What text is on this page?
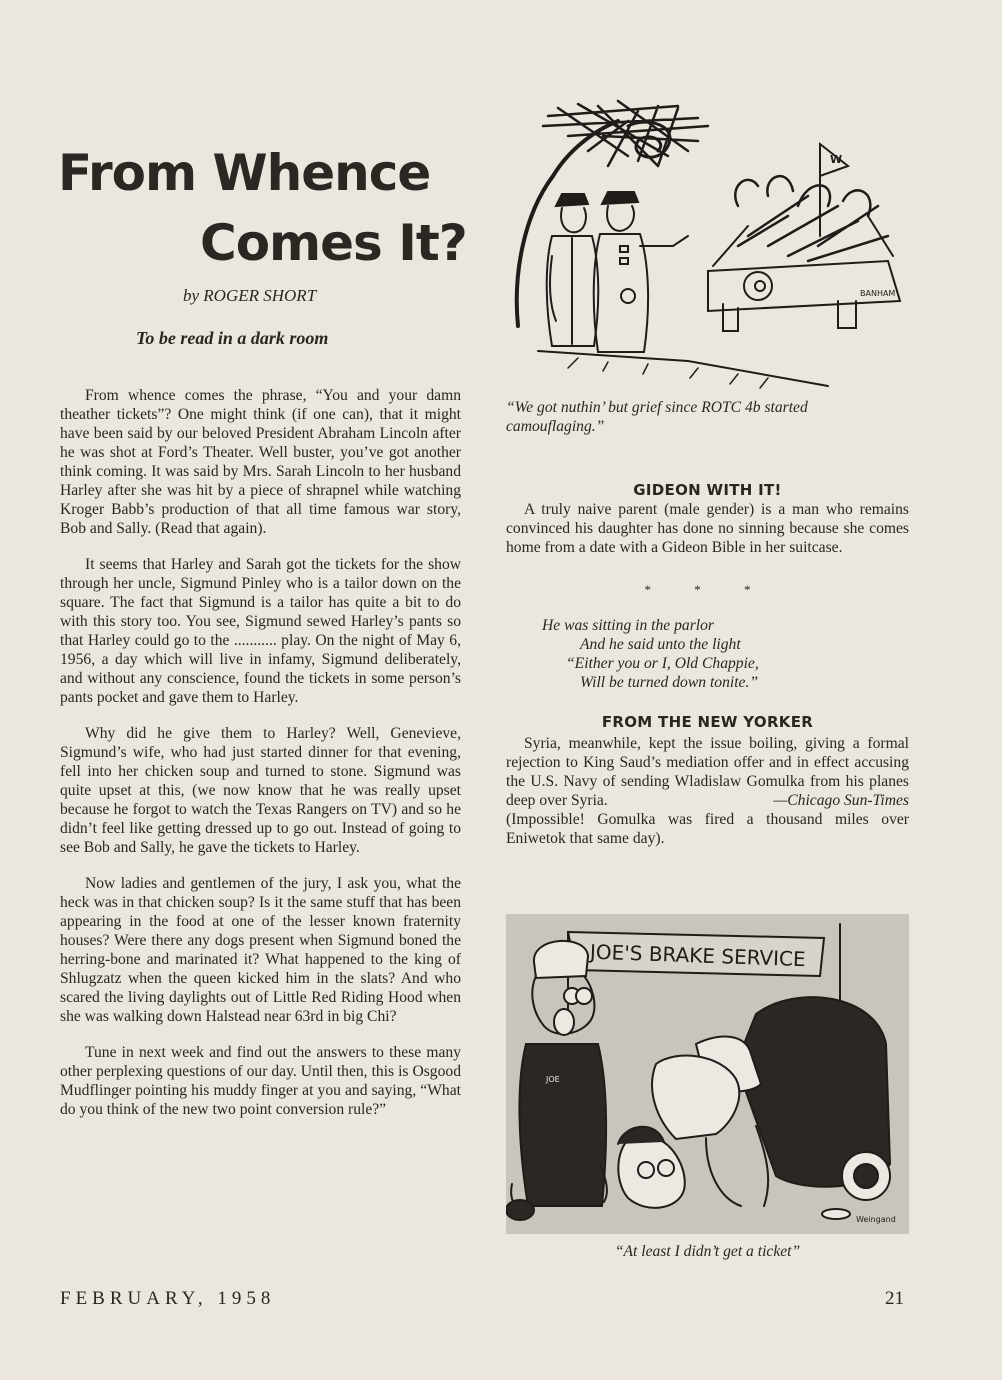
From Whence
Comes It?
by ROGER SHORT
To be read in a dark room

From whence comes the phrase, “You and your damn theather tickets”? One might think (if one can), that it might have been said by our beloved President Abraham Lincoln after he was shot at Ford’s Theater. Well buster, you’ve got another think coming. It was said by Mrs. Sarah Lincoln to her husband Harley after she was hit by a piece of shrapnel while watching Kroger Babb’s production of that all time famous war story, Bob and Sally. (Read that again).

It seems that Harley and Sarah got the tickets for the show through her uncle, Sigmund Pinley who is a tailor down on the square. The fact that Sigmund is a tailor has quite a bit to do with this story too. You see, Sigmund sewed Harley’s pants so that Harley could go to the ........... play. On the night of May 6, 1956, a day which will live in infamy, Sigmund deliberately, and without any conscience, found the tickets in some person’s pants pocket and gave them to Harley.

Why did he give them to Harley? Well, Genevieve, Sigmund’s wife, who had just started dinner for that evening, fell into her chicken soup and turned to stone. Sigmund was quite upset at this, (we now know that he was really upset because he forgot to watch the Texas Rangers on TV) and so he didn’t feel like getting dressed up to go out. Instead of going to see Bob and Sally, he gave the tickets to Harley.

Now ladies and gentlemen of the jury, I ask you, what the heck was in that chicken soup? Is it the same stuff that has been appearing in the food at one of the lesser known fraternity houses? Were there any dogs present when Sigmund boned the herring-bone and marinated it? What happened to the king of Shlugzatz when the queen kicked him in the slats? And who scared the living daylights out of Little Red Riding Hood when she was walking down Halstead near 63rd in big Chi?

Tune in next week and find out the answers to these many other perplexing questions of our day. Until then, this is Osgood Mudflinger pointing his muddy finger at you and saying, “What do you think of the new two point conversion rule?”

W
BANHAM

“We got nuthin’ but grief since ROTC 4b started camouflaging.”

GIDEON WITH IT!

A truly naive parent (male gender) is a man who remains convinced his daughter has done no sinning because she comes home from a date with a Gideon Bible in her suitcase.

* * *

He was sitting in the parlor
And he said unto the light
“Either you or I, Old Chappie,
Will be turned down tonite.”
FROM THE NEW YORKER
Syria, meanwhile, kept the issue boiling, giving a formal rejection to King Saud’s mediation offer and in effect accusing the U.S. Navy of sending Wladislaw Gomulka from his planes deep over Syria.	—Chicago Sun-Times
(Impossible! Gomulka was fired a thousand miles over Eniwetok that same day).
JOE'S BRAKE SERVICE
JOE
Weingand

“At least I didn’t get a ticket”

FEBRUARY, 1958	21
